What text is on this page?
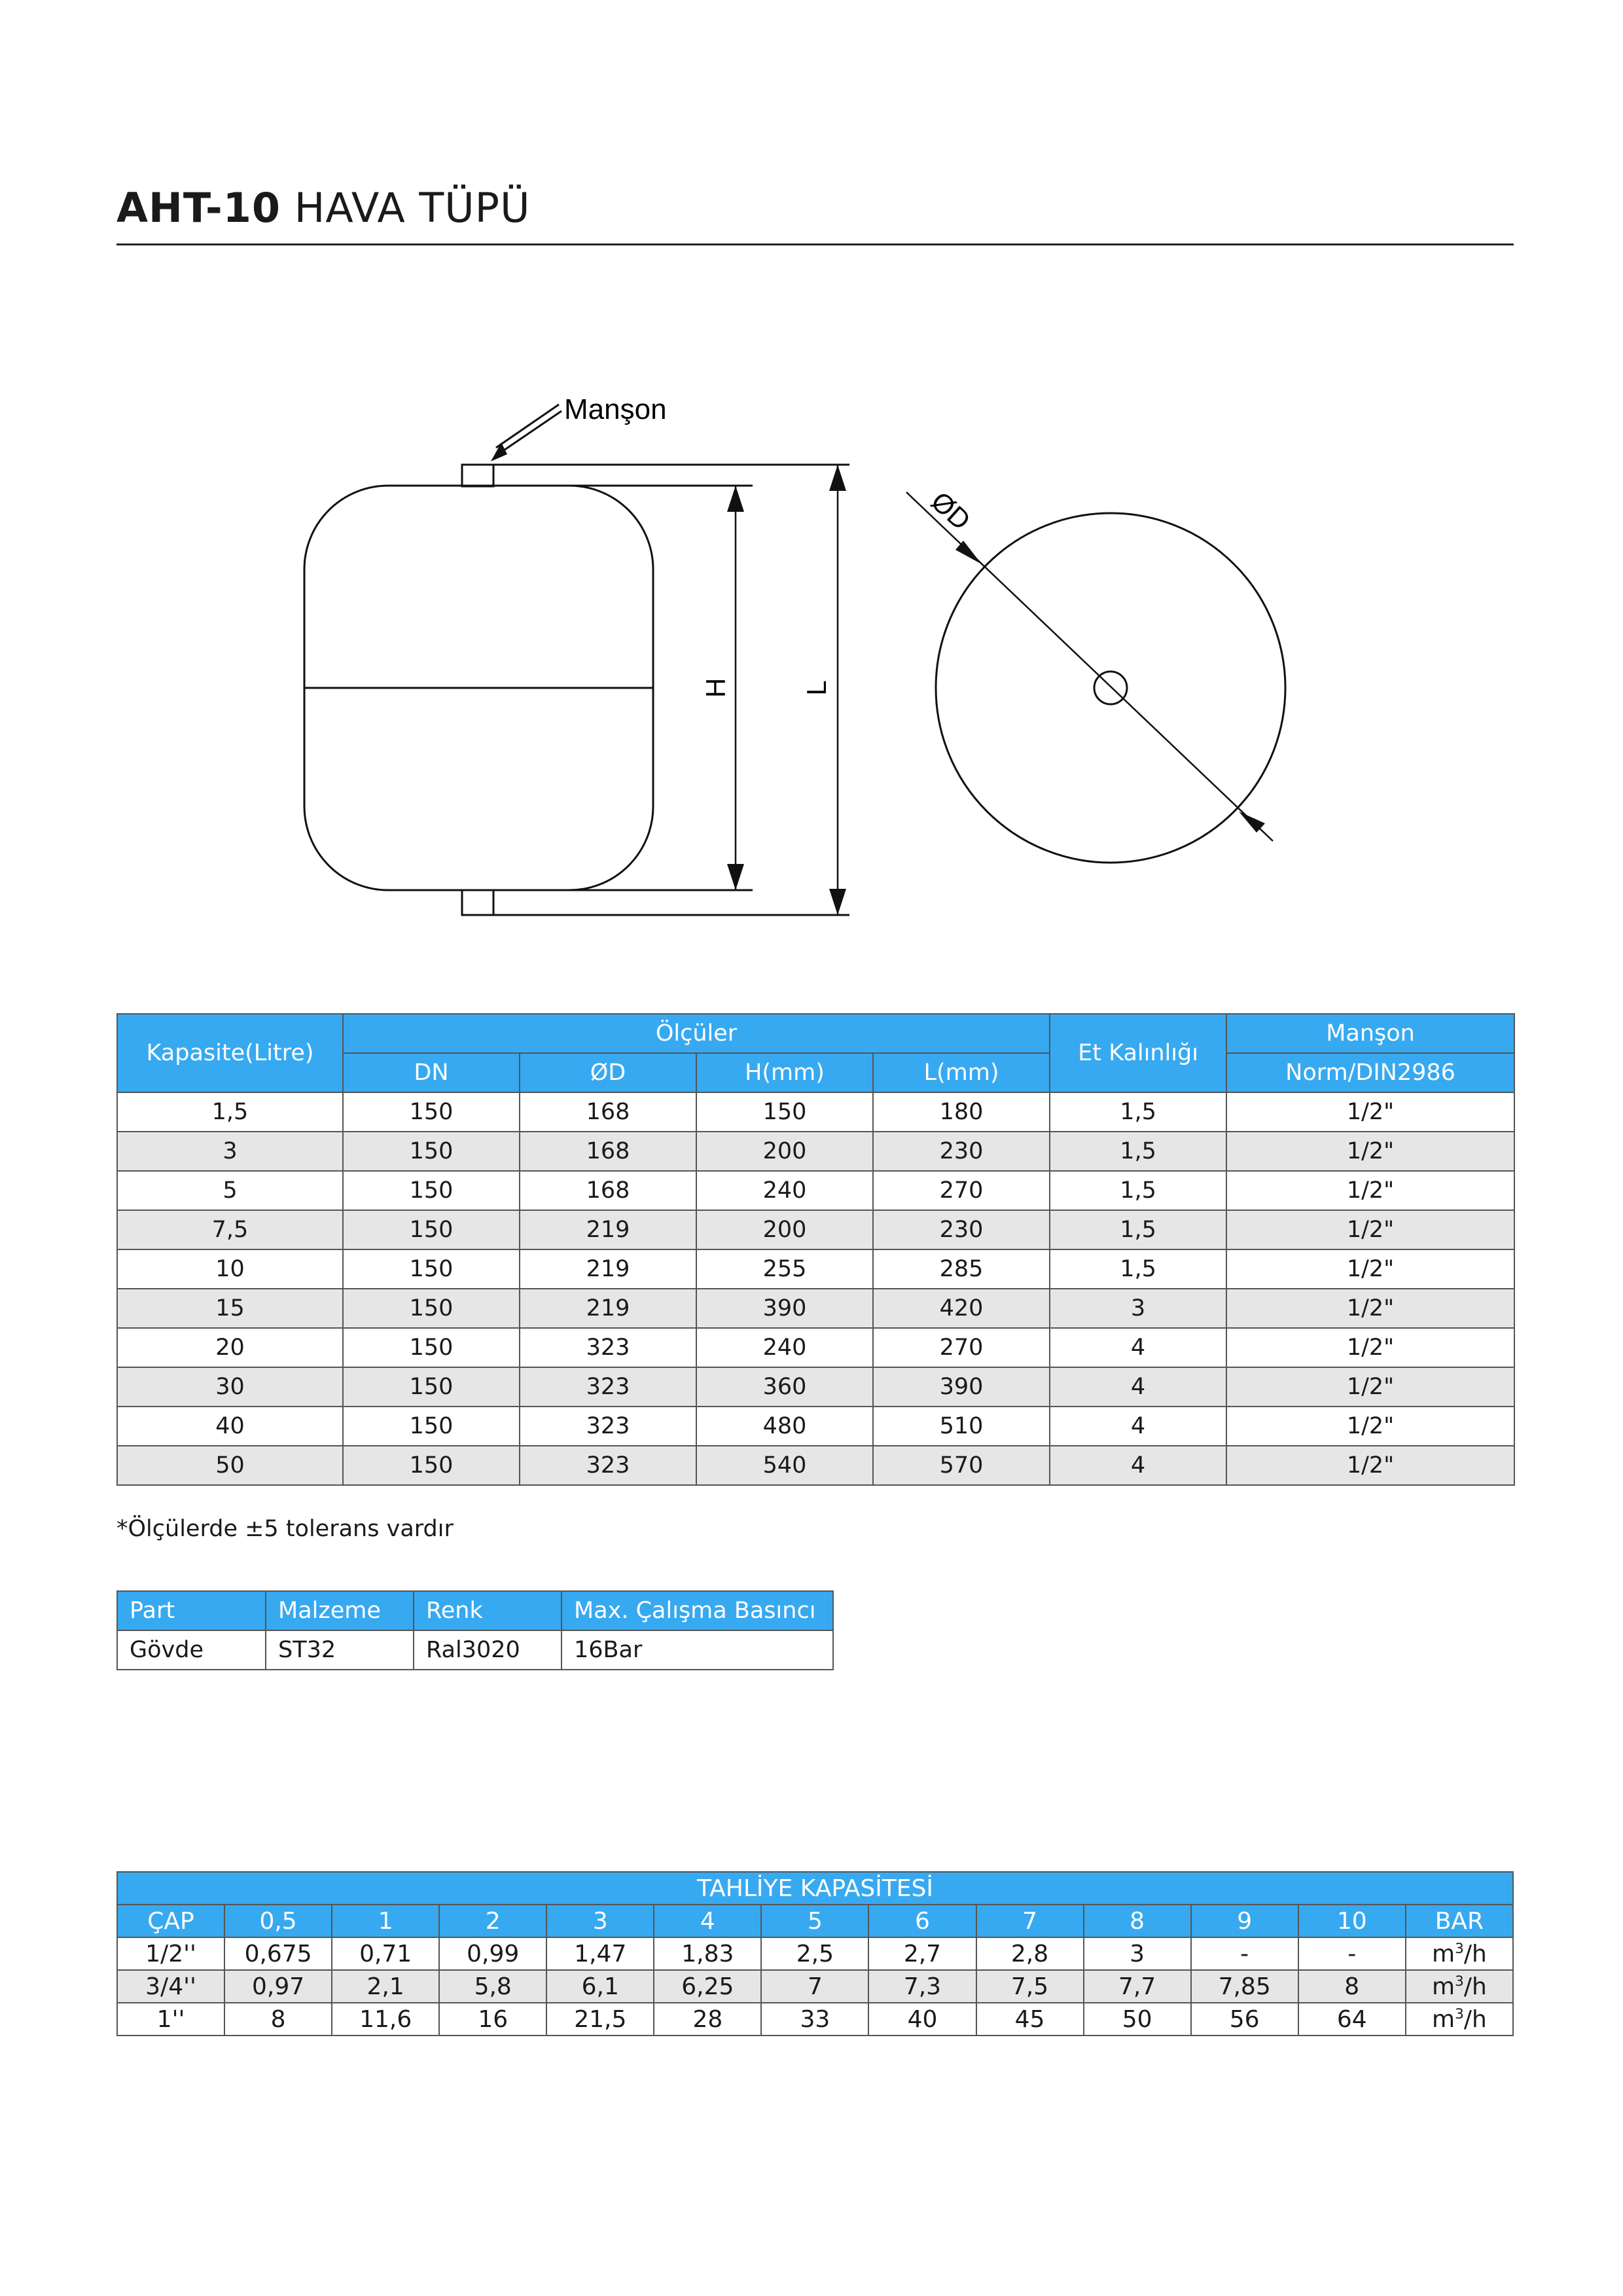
AHT-10 HAVA TÜPÜ
Manşon
H	L
ØD
Kapasite(Litre)	Ölçüler				Et Kalınlığı	Manşon
	DN	ØD	H(mm)	L(mm)		Norm/DIN2986
1,5	150	168	150	180	1,5	1/2"
3	150	168	200	230	1,5	1/2"
5	150	168	240	270	1,5	1/2"
7,5	150	219	200	230	1,5	1/2"
10	150	219	255	285	1,5	1/2"
15	150	219	390	420	3	1/2"
20	150	323	240	270	4	1/2"
30	150	323	360	390	4	1/2"
40	150	323	480	510	4	1/2"
50	150	323	540	570	4	1/2"
*Ölçülerde ±5 tolerans vardır
Part	Malzeme	Renk	Max. Çalışma Basıncı
Gövde	ST32	Ral3020	16Bar
TAHLİYE KAPASİTESİ												
ÇAP	0,5	1	2	3	4	5	6	7	8	9	10	BAR
1/2''	0,675	0,71	0,99	1,47	1,83	2,5	2,7	2,8	3	-	-	$m^3/h$
3/4''	0,97	2,1	5,8	6,1	6,25	7	7,3	7,5	7,7	7,85	8	$m^3/h$
1''	8	11,6	16	21,5	28	33	40	45	50	56	64	$m^3/h$
